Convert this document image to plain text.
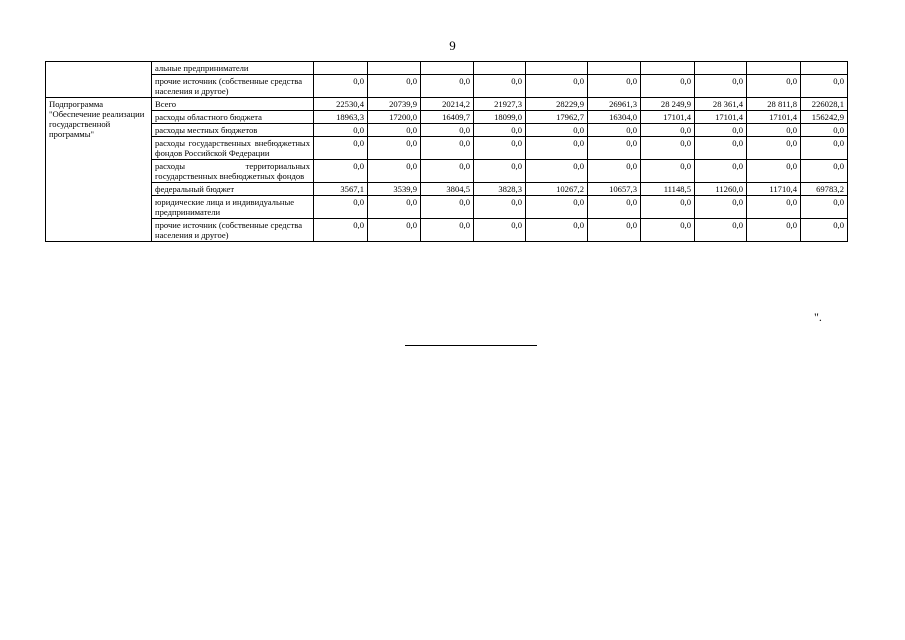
9
	альные предприниматели										
	прочие источник (собственные средства населения и другое)	0,0	0,0	0,0	0,0	0,0	0,0	0,0	0,0	0,0	0,0
Подпрограмма "Обеспечение реализации государственной программы"	Всего	22530,4	20739,9	20214,2	21927,3	28229,9	26961,3	28 249,9	28 361,4	28 811,8	226028,1
	расходы областного бюджета	18963,3	17200,0	16409,7	18099,0	17962,7	16304,0	17101,4	17101,4	17101,4	156242,9
	расходы местных бюджетов	0,0	0,0	0,0	0,0	0,0	0,0	0,0	0,0	0,0	0,0
	расходы государственных внебюджетных фондов Российской Федерации	0,0	0,0	0,0	0,0	0,0	0,0	0,0	0,0	0,0	0,0
	расходы территориальных государственных внебюджетных фондов	0,0	0,0	0,0	0,0	0,0	0,0	0,0	0,0	0,0	0,0
	федеральный бюджет	3567,1	3539,9	3804,5	3828,3	10267,2	10657,3	11148,5	11260,0	11710,4	69783,2
	юридические лица и индивидуальные предприниматели	0,0	0,0	0,0	0,0	0,0	0,0	0,0	0,0	0,0	0,0
	прочие источник (собственные средства населения и другое)	0,0	0,0	0,0	0,0	0,0	0,0	0,0	0,0	0,0	0,0
".
